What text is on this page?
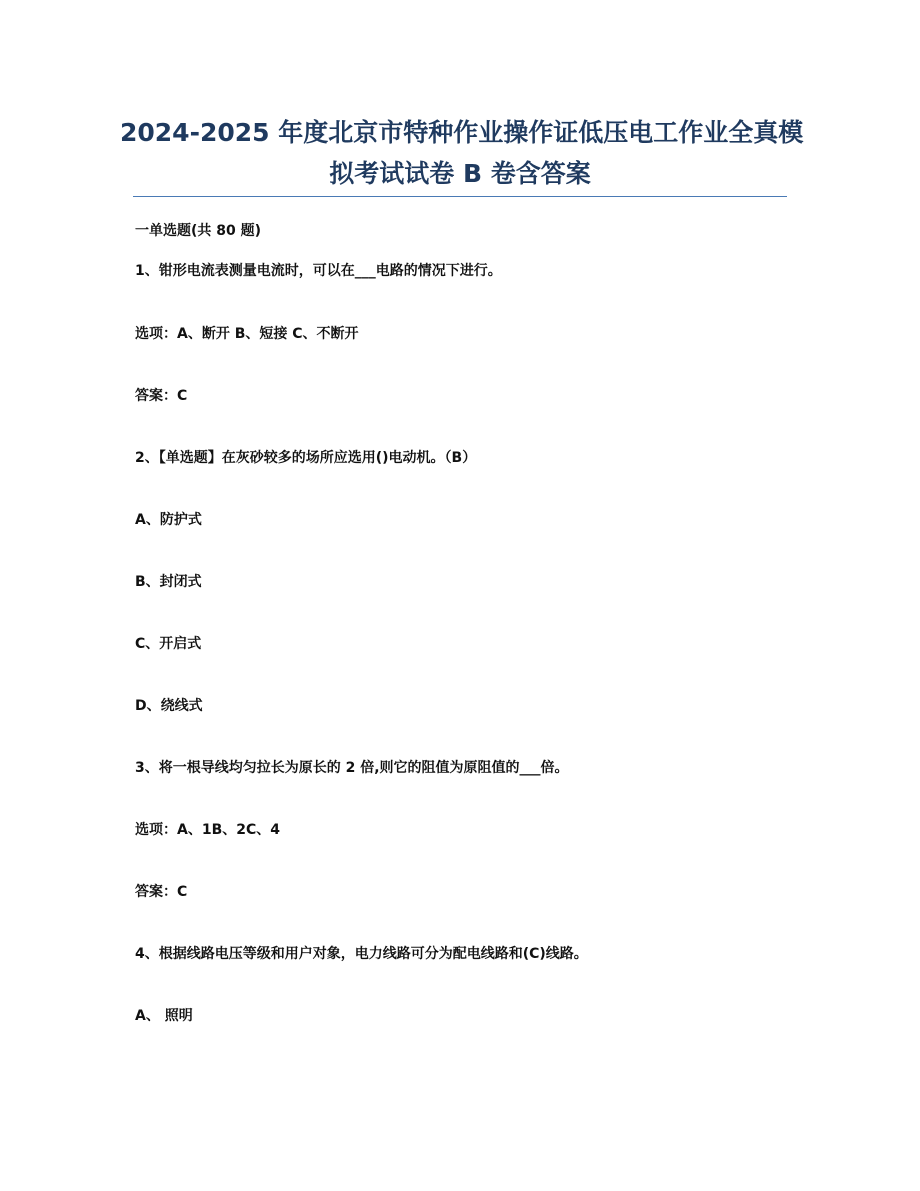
2024-2025 年度北京市特种作业操作证低压电工作业全真模
拟考试试卷 B 卷含答案
一单选题(共 80 题)
1、钳形电流表测量电流时，可以在___电路的情况下进行。
选项：A、断开 B、短接 C、不断开
答案：C
2、【单选题】在灰砂较多的场所应选用()电动机。（B）
A、防护式
B、封闭式
C、开启式
D、绕线式
3、将一根导线均匀拉长为原长的 2 倍,则它的阻值为原阻值的___倍。
选项：A、1B、2C、4
答案：C
4、根据线路电压等级和用户对象，电力线路可分为配电线路和(C)线路。
A、 照明
